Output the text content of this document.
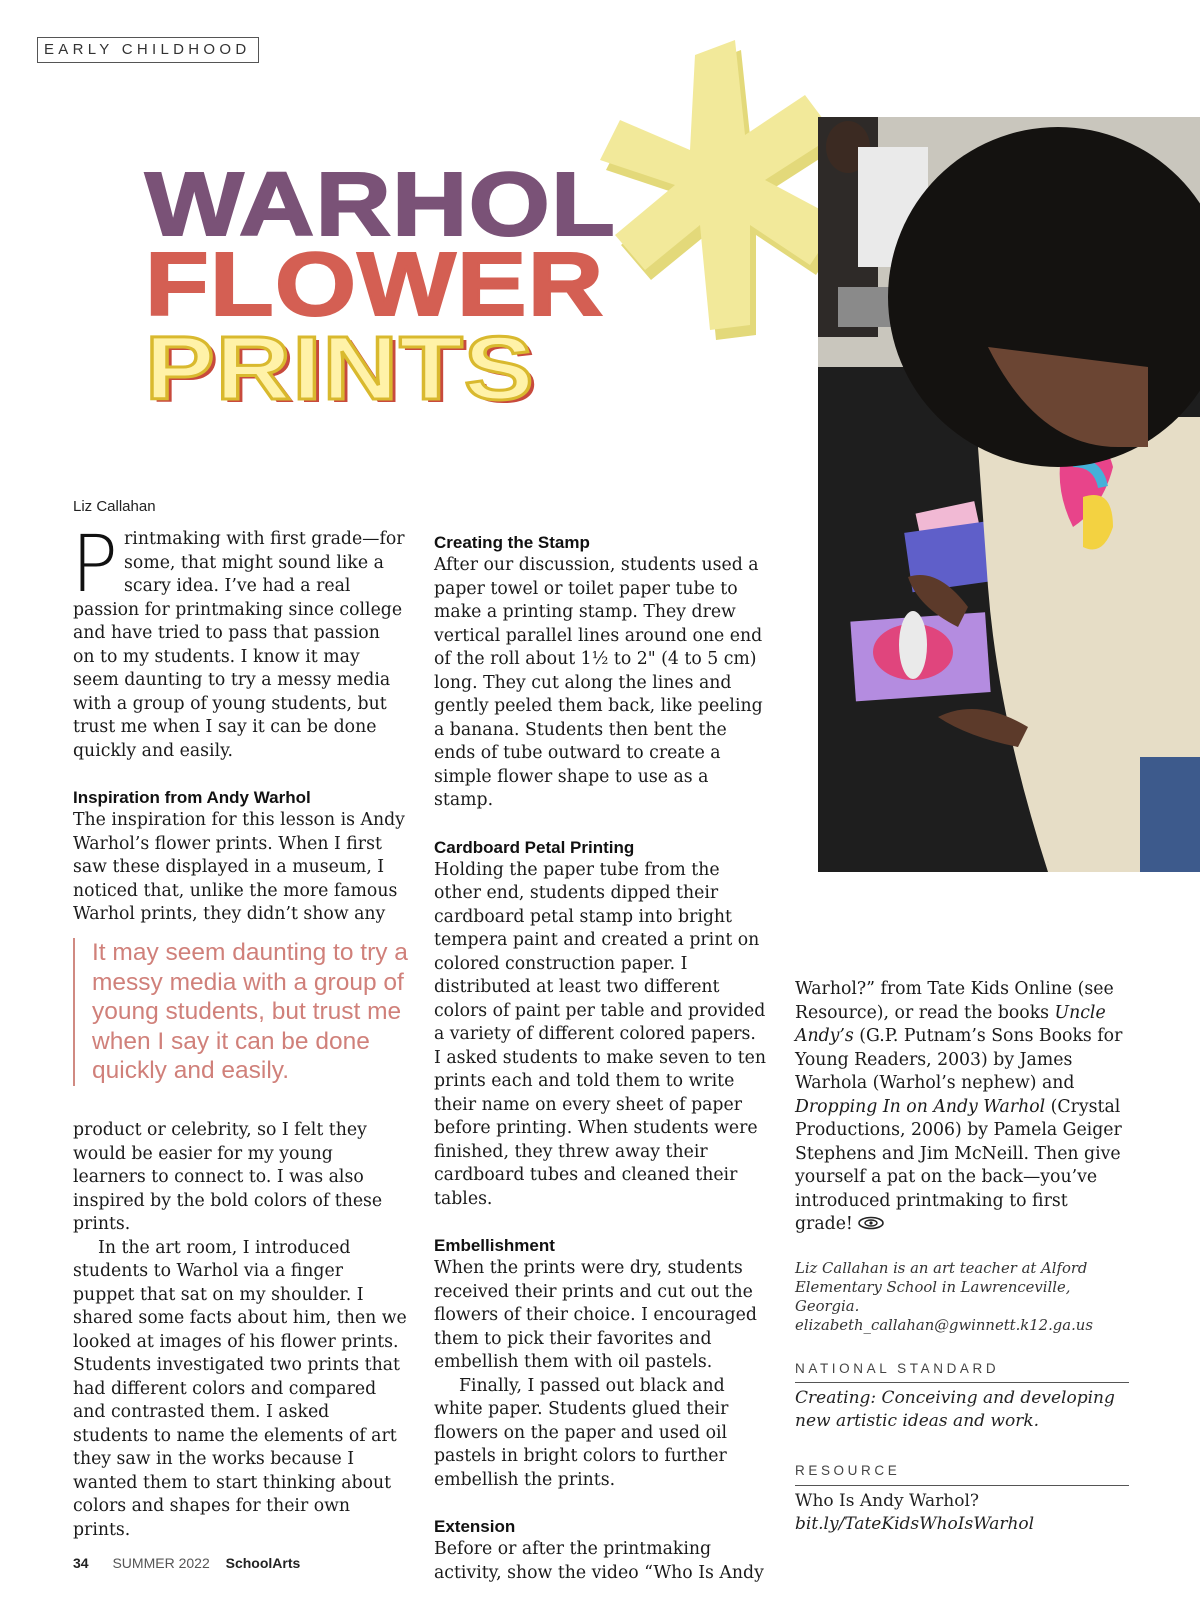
EARLY CHILDHOOD
WARHOL
FLOWER
PRINTS
Liz Callahan

Printmaking with first grade—for some, that might sound like a scary idea. I’ve had a real passion for printmaking since college and have tried to pass that passion on to my students. I know it may seem daunting to try a messy media with a group of young students, but trust me when I say it can be done quickly and easily.

Inspiration from Andy Warhol

The inspiration for this lesson is Andy Warhol’s flower prints. When I first saw these displayed in a museum, I noticed that, unlike the more famous Warhol prints, they didn’t show any

It may seem daunting to try a messy media with a group of young students, but trust me when I say it can be done quickly and easily.

product or celebrity, so I felt they would be easier for my young learners to connect to. I was also inspired by the bold colors of these prints.

In the art room, I introduced students to Warhol via a finger puppet that sat on my shoulder. I shared some facts about him, then we looked at images of his flower prints. Students investigated two prints that had different colors and compared and contrasted them. I asked students to name the elements of art they saw in the works because I wanted them to start thinking about colors and shapes for their own prints.

Creating the Stamp

After our discussion, students used a paper towel or toilet paper tube to make a printing stamp. They drew vertical parallel lines around one end of the roll about 1½ to 2" (4 to 5 cm) long. They cut along the lines and gently peeled them back, like peeling a banana. Students then bent the ends of tube outward to create a simple flower shape to use as a stamp.

Cardboard Petal Printing

Holding the paper tube from the other end, students dipped their cardboard petal stamp into bright tempera paint and created a print on colored construction paper. I distributed at least two different colors of paint per table and provided a variety of different colored papers. I asked students to make seven to ten prints each and told them to write their name on every sheet of paper before printing. When students were finished, they threw away their cardboard tubes and cleaned their tables.

Embellishment

When the prints were dry, students received their prints and cut out the flowers of their choice. I encouraged them to pick their favorites and embellish them with oil pastels.

Finally, I passed out black and white paper. Students glued their flowers on the paper and used oil pastels in bright colors to further embellish the prints.

Extension

Before or after the printmaking activity, show the video “Who Is Andy

Warhol?” from Tate Kids Online (see Resource), or read the books Uncle Andy’s (G.P. Putnam’s Sons Books for Young Readers, 2003) by James Warhola (Warhol’s nephew) and Dropping In on Andy Warhol (Crystal Productions, 2006) by Pamela Geiger Stephens and Jim McNeill. Then give yourself a pat on the back—you’ve introduced printmaking to first grade!

Liz Callahan is an art teacher at Alford Elementary School in Lawrenceville, Georgia.
elizabeth_callahan@gwinnett.k12.ga.us
NATIONAL STANDARD
Creating: Conceiving and developing new artistic ideas and work.
RESOURCE
Who Is Andy Warhol?
bit.ly/TateKidsWhoIsWarhol
34 SUMMER 2022 SchoolArts
